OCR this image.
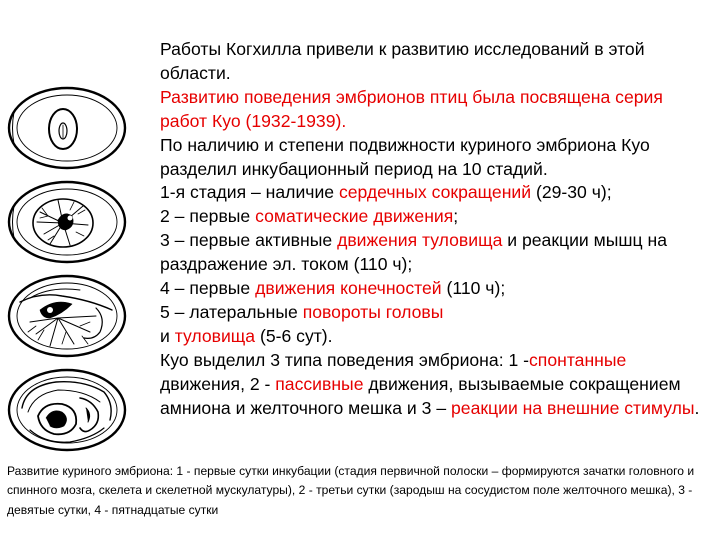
Работы Когхилла привели к развитию исследований в этой области.

Развитию поведения эмбрионов птиц была посвящена серия работ Куо (1932-1939).

По наличию и степени подвижности куриного эмбриона Куо разделил инкубационный период на 10 стадий.

1-я стадия – наличие сердечных сокращений (29-30 ч);

2 – первые соматические движения;

3 – первые активные движения туловища и реакции мышц на раздражение эл. током (110 ч);

4 – первые движения конечностей (110 ч);

5 – латеральные повороты головы

и туловища (5-6 сут).

Куо выделил 3 типа поведения эмбриона: 1 -спонтанные движения, 2 - пассивные движения, вызываемые сокращением амниона и желточного мешка и 3 – реакции на внешние стимулы.

Развитие куриного эмбриона: 1 - первые сутки инкубации (стадия первичной полоски – формируются зачатки головного и спинного мозга, скелета и скелетной мускулатуры), 2 - третьи сутки (зародыш на сосудистом поле желточного мешка), 3 - девятые сутки, 4 - пятнадцатые сутки
